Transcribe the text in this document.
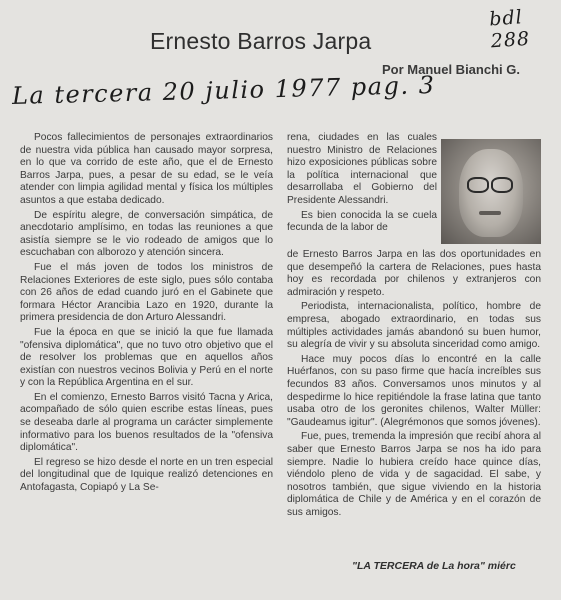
bdl 288
Ernesto Barros Jarpa
Por Manuel Bianchi G.
La tercera 20 julio 1977 pag. 3

Pocos fallecimientos de personajes extraordinarios de nuestra vida pública han causado mayor sorpresa, en lo que va corrido de este año, que el de Ernesto Barros Jarpa, pues, a pesar de su edad, se le veía atender con limpia agilidad mental y física los múltiples asuntos a que estaba dedicado.

De espíritu alegre, de conversación simpática, de anecdotario amplísimo, en todas las reuniones a que asistía siempre se le vio rodeado de amigos que lo escuchaban con alborozo y atención sincera.

Fue el más joven de todos los ministros de Relaciones Exteriores de este siglo, pues sólo contaba con 26 años de edad cuando juró en el Gabinete que formara Héctor Arancibia Lazo en 1920, durante la primera presidencia de don Arturo Alessandri.

Fue la época en que se inició la que fue llamada "ofensiva diplomática", que no tuvo otro objetivo que el de resolver los problemas que en aquellos años existían con nuestros vecinos Bolivia y Perú en el norte y con la República Argentina en el sur.

En el comienzo, Ernesto Barros visitó Tacna y Arica, acompañado de sólo quien escribe estas líneas, pues se deseaba darle al programa un carácter simplemente informativo para los buenos resultados de la "ofensiva diplomática".

El regreso se hizo desde el norte en un tren especial del longitudinal que de Iquique realizó detenciones en Antofagasta, Copiapó y La Se-

rena, ciudades en las cuales nuestro Ministro de Relaciones hizo exposiciones públicas sobre la política internacional que desarrollaba el Gobierno del Presidente Alessandri.

Es bien conocida la se cuela fecunda de la labor de

de Ernesto Barros Jarpa en las dos oportunidades en que desempeñó la cartera de Relaciones, pues hasta hoy es recordada por chilenos y extranjeros con admiración y respeto.

Periodista, internacionalista, político, hombre de empresa, abogado extraordinario, en todas sus múltiples actividades jamás abandonó su buen humor, su alegría de vivir y su absoluta sinceridad como amigo.

Hace muy pocos días lo encontré en la calle Huérfanos, con su paso firme que hacía increíbles sus fecundos 83 años. Conversamos unos minutos y al despedirme lo hice repitiéndole la frase latina que tanto usaba otro de los geronites chilenos, Walter Müller: "Gaudeamus igitur". (Alegrémonos que somos jóvenes).

Fue, pues, tremenda la impresión que recibí ahora al saber que Ernesto Barros Jarpa se nos ha ido para siempre. Nadie lo hubiera creído hace quince días, viéndolo pleno de vida y de sagacidad. El sabe, y nosotros también, que sigue viviendo en la historia diplomática de Chile y de América y en el corazón de sus amigos.

"LA TERCERA de La hora" miérc
